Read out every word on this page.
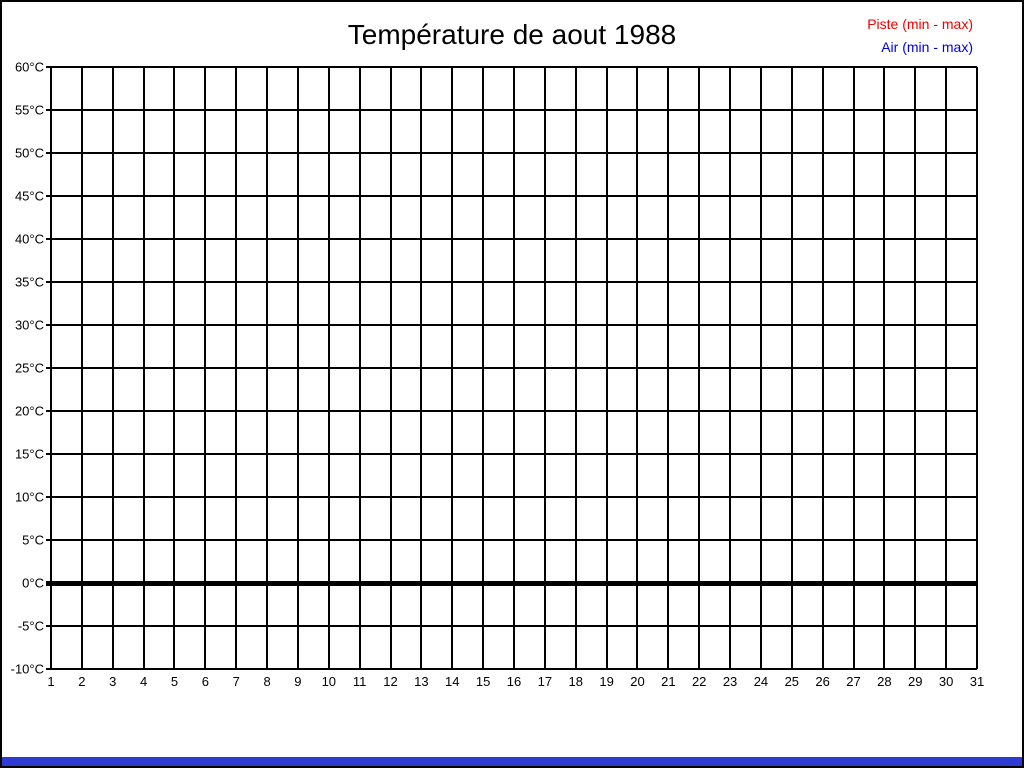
Température de aout 1988	Piste (min - max)
Air (min - max)
60°C
55°C
50°C
45°C
40°C
35°C
30°C
25°C
20°C
15°C
10°C
5°C
0°C
-5°C
-10°C
1 2 3 4 5 6 7 8 9 10 11 12 13 14 15 16 17 18 19 20 21 22 23 24 25 26 27 28 29 30 31
